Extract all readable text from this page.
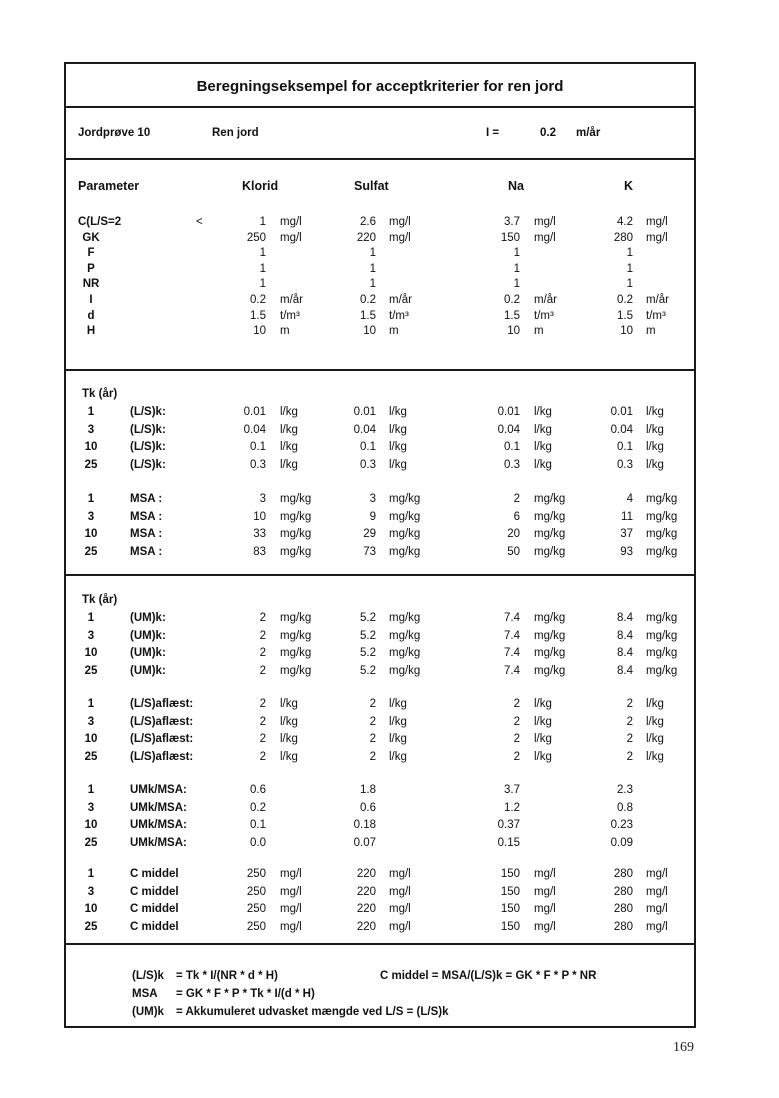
Beregningseksempel for acceptkriterier for ren jord
Jordprøve 10	Ren jord	I =	0.2 m/år
Parameter	Klorid	Sulfat	Na	K
C(L/S=2	<	1 mg/l	2.6 mg/l	3.7 mg/l	4.2 mg/l
GK	250 mg/l	220 mg/l	150 mg/l	280 mg/l
F	1	1	1	1
P	1	1	1	1
NR	1	1	1	1
I	0.2 m/år	0.2 m/år	0.2 m/år	0.2 m/år
d	1.5 t/m³	1.5 t/m³	1.5 t/m³	1.5 t/m³
H	10 m	10 m	10 m	10 m
Tk (år)
1	(L/S)k:	0.01 l/kg	0.01 l/kg	0.01 l/kg	0.01 l/kg
3	(L/S)k:	0.04 l/kg	0.04 l/kg	0.04 l/kg	0.04 l/kg
10	(L/S)k:	0.1 l/kg	0.1 l/kg	0.1 l/kg	0.1 l/kg
25	(L/S)k:	0.3 l/kg	0.3 l/kg	0.3 l/kg	0.3 l/kg
1	MSA :	3 mg/kg	3 mg/kg	2 mg/kg	4 mg/kg
3	MSA :	10 mg/kg	9 mg/kg	6 mg/kg	11 mg/kg
10	MSA :	33 mg/kg	29 mg/kg	20 mg/kg	37 mg/kg
25	MSA :	83 mg/kg	73 mg/kg	50 mg/kg	93 mg/kg
Tk (år)
1	(UM)k:	2 mg/kg	5.2 mg/kg	7.4 mg/kg	8.4 mg/kg
3	(UM)k:	2 mg/kg	5.2 mg/kg	7.4 mg/kg	8.4 mg/kg
10	(UM)k:	2 mg/kg	5.2 mg/kg	7.4 mg/kg	8.4 mg/kg
25	(UM)k:	2 mg/kg	5.2 mg/kg	7.4 mg/kg	8.4 mg/kg
1	(L/S)aflæst:	2 l/kg	2 l/kg	2 l/kg	2 l/kg
3	(L/S)aflæst:	2 l/kg	2 l/kg	2 l/kg	2 l/kg
10	(L/S)aflæst:	2 l/kg	2 l/kg	2 l/kg	2 l/kg
25	(L/S)aflæst:	2 l/kg	2 l/kg	2 l/kg	2 l/kg
1	UMk/MSA:	0.6	1.8	3.7	2.3
3	UMk/MSA:	0.2	0.6	1.2	0.8
10	UMk/MSA:	0.1	0.18	0.37	0.23
25	UMk/MSA:	0.0	0.07	0.15	0.09
1	C middel	250 mg/l	220 mg/l	150 mg/l	280 mg/l
3	C middel	250 mg/l	220 mg/l	150 mg/l	280 mg/l
10	C middel	250 mg/l	220 mg/l	150 mg/l	280 mg/l
25	C middel	250 mg/l	220 mg/l	150 mg/l	280 mg/l
(L/S)k = Tk * I/(NR * d * H)	C middel = MSA/(L/S)k = GK * F * P * NR
MSA = GK * F * P * Tk * I/(d * H)
(UM)k = Akkumuleret udvasket mængde ved L/S = (L/S)k
169
